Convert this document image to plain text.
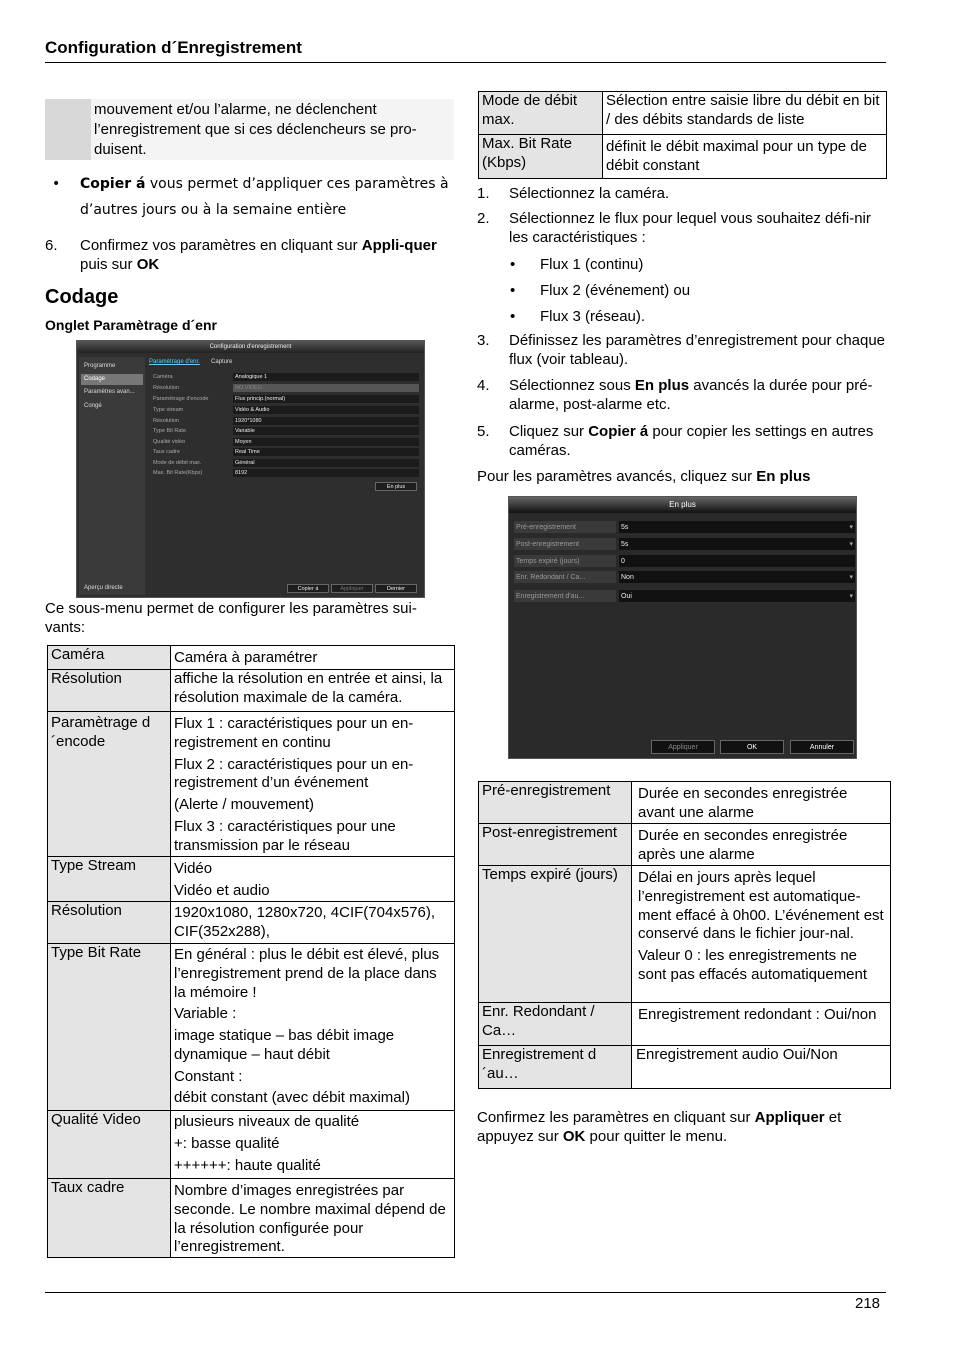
Configuration d´Enregistrement
mouvement et/ou l’alarme, ne déclenchent l’enregistrement que si ces déclencheurs se pro-duisent.
• Copier á vous permet d’appliquer ces paramètres à d’autres jours ou à la semaine entière
6. Confirmez vos paramètres en cliquant sur Appli-quer puis sur OK
Codage
Onglet Paramètrage d´enr
Configuration d'enregistrement
Programme
Codage
Paramètres avan...
Congé
Aperçu directe
Paramètrage d'enr. Capture
Caméra	Analogique 1
Résolution	NO VIDEO
Paramètrage d'encode	Flux princip.(normal)
Type stream	Vidéo & Audio
Résolution	1920*1080
Type Bit Rate	Variable
Qualité vidéo	Moyen
Taux cadre	Real Time
Mode de débit max.	Général
Max. Bit Rate(Kbps)	8192
En plus
Copier á	Appliquer	Dernier
Ce sous-menu permet de configurer les paramètres sui-vants:
Caméra	Caméra à paramétrer

Résolution	affiche la résolution en entrée et ainsi, la résolution maximale de la caméra.

Paramètrage d´encode	Flux 1 : caractéristiques pour un en-registrement en continu
Flux 2 : caractéristiques pour un en-registrement d’un événement
(Alerte / mouvement)
Flux 3 : caractéristiques pour une transmission par le réseau

Type Stream	Vidéo
Vidéo et audio

Résolution	1920x1080, 1280x720, 4CIF(704x576), CIF(352x288),

Type Bit Rate	En général : plus le débit est élevé, plus l’enregistrement prend de la place dans la mémoire !
Variable :
image statique – bas débit image dynamique – haut débit
Constant :
débit constant (avec débit maximal)

Qualité Video	plusieurs niveaux de qualité
+: basse qualité
++++++: haute qualité

Taux cadre	Nombre d’images enregistrées par seconde. Le nombre maximal dépend de la résolution configurée pour l’enregistrement.
Mode de débit max.	Sélection entre saisie libre du débit en bit / des débits standards de liste

Max. Bit Rate (Kbps)	définit le débit maximal pour un type de débit constant
1. Sélectionnez la caméra.
2. Sélectionnez le flux pour lequel vous souhaitez défi-nir les caractéristiques :
• Flux 1 (continu)
• Flux 2 (événement) ou
• Flux 3 (réseau).
3. Définissez les paramètres d’enregistrement pour chaque flux (voir tableau).
4. Sélectionnez sous En plus avancés la durée pour pré-alarme, post-alarme etc.
5. Cliquez sur Copier á pour copier les settings en autres caméras.
Pour les paramètres avancés, cliquez sur En plus
En plus
Pré-enregistrement	5s	▾
Post-enregistrement	5s	▾
Temps expiré (jours)	0
Enr. Redondant / Ca...	Non	▾
Enregistrement d'au...	Oui	▾
Appliquer	OK	Annuler
Pré-enregistrement	Durée en secondes enregistrée avant une alarme

Post-enregistrement	Durée en secondes enregistrée après une alarme

Temps expiré (jours)	Délai en jours après lequel l’enregistrement est automatique-ment effacé à 0h00. L’événement est conservé dans le fichier jour-nal.
Valeur 0 : les enregistrements ne sont pas effacés automatiquement

Enr. Redondant / Ca…	Enregistrement redondant : Oui/non

Enregistrement d´au…	Enregistrement audio Oui/Non
Confirmez les paramètres en cliquant sur Appliquer et appuyez sur OK pour quitter le menu.
218
